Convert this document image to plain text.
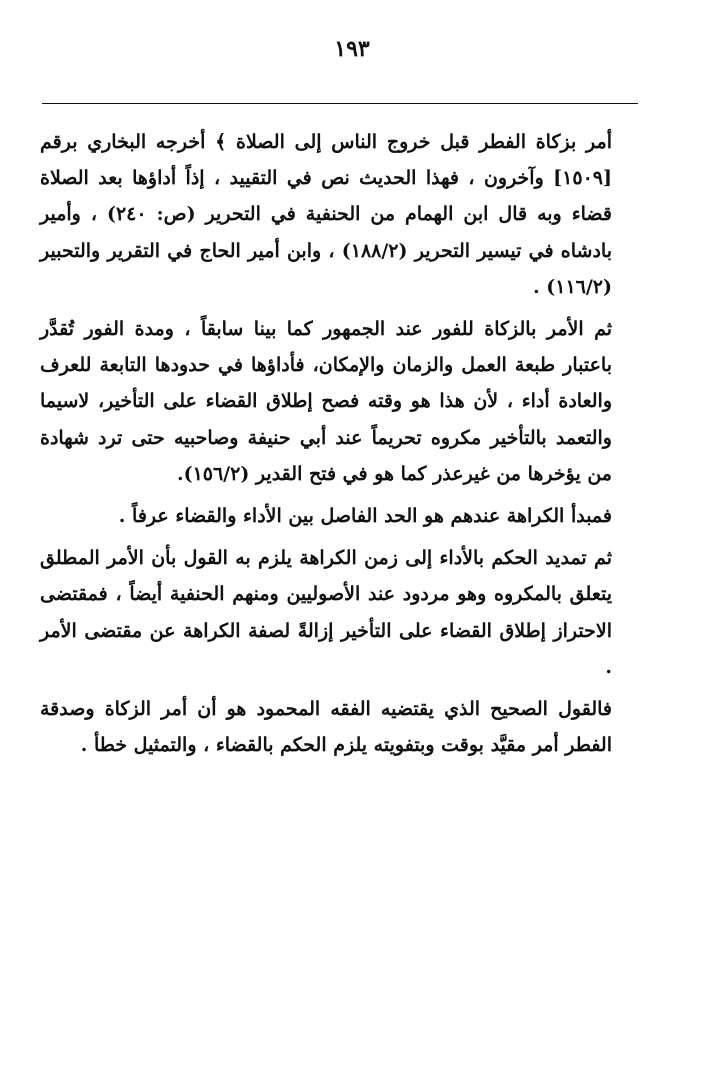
١٩٣

أمر بزكاة الفطر قبل خروج الناس إلى الصلاة ﴾ أخرجه البخاري برقم [١٥٠٩] وآخرون ، فهذا الحديث نص في التقييد ، إذاً أداؤها بعد الصلاة قضاء وبه قال ابن الهمام من الحنفية في التحرير (ص: ٢٤٠) ، وأمير بادشاه في تيسير التحرير (١٨٨/٢) ، وابن أمير الحاج في التقرير والتحبير (١١٦/٢) .

ثم الأمر بالزكاة للفور عند الجمهور كما بينا سابقاً ، ومدة الفور تُقدَّر باعتبار طبعة العمل والزمان والإمكان، فأداؤها في حدودها التابعة للعرف والعادة أداء ، لأن هذا هو وقته فصح إطلاق القضاء على التأخير، لاسيما والتعمد بالتأخير مكروه تحريماً عند أبي حنيفة وصاحبيه حتى ترد شهادة من يؤخرها من غيرعذر كما هو في فتح القدير (١٥٦/٢).

فمبدأ الكراهة عندهم هو الحد الفاصل بين الأداء والقضاء عرفاً .

ثم تمديد الحكم بالأداء إلى زمن الكراهة يلزم به القول بأن الأمر المطلق يتعلق بالمكروه وهو مردود عند الأصوليين ومنهم الحنفية أيضاً ، فمقتضى الاحتراز إطلاق القضاء على التأخير إزالةً لصفة الكراهة عن مقتضى الأمر .

فالقول الصحيح الذي يقتضيه الفقه المحمود هو أن أمر الزكاة وصدقة الفطر أمر مقيَّد بوقت وبتفويته يلزم الحكم بالقضاء ، والتمثيل خطأ .
